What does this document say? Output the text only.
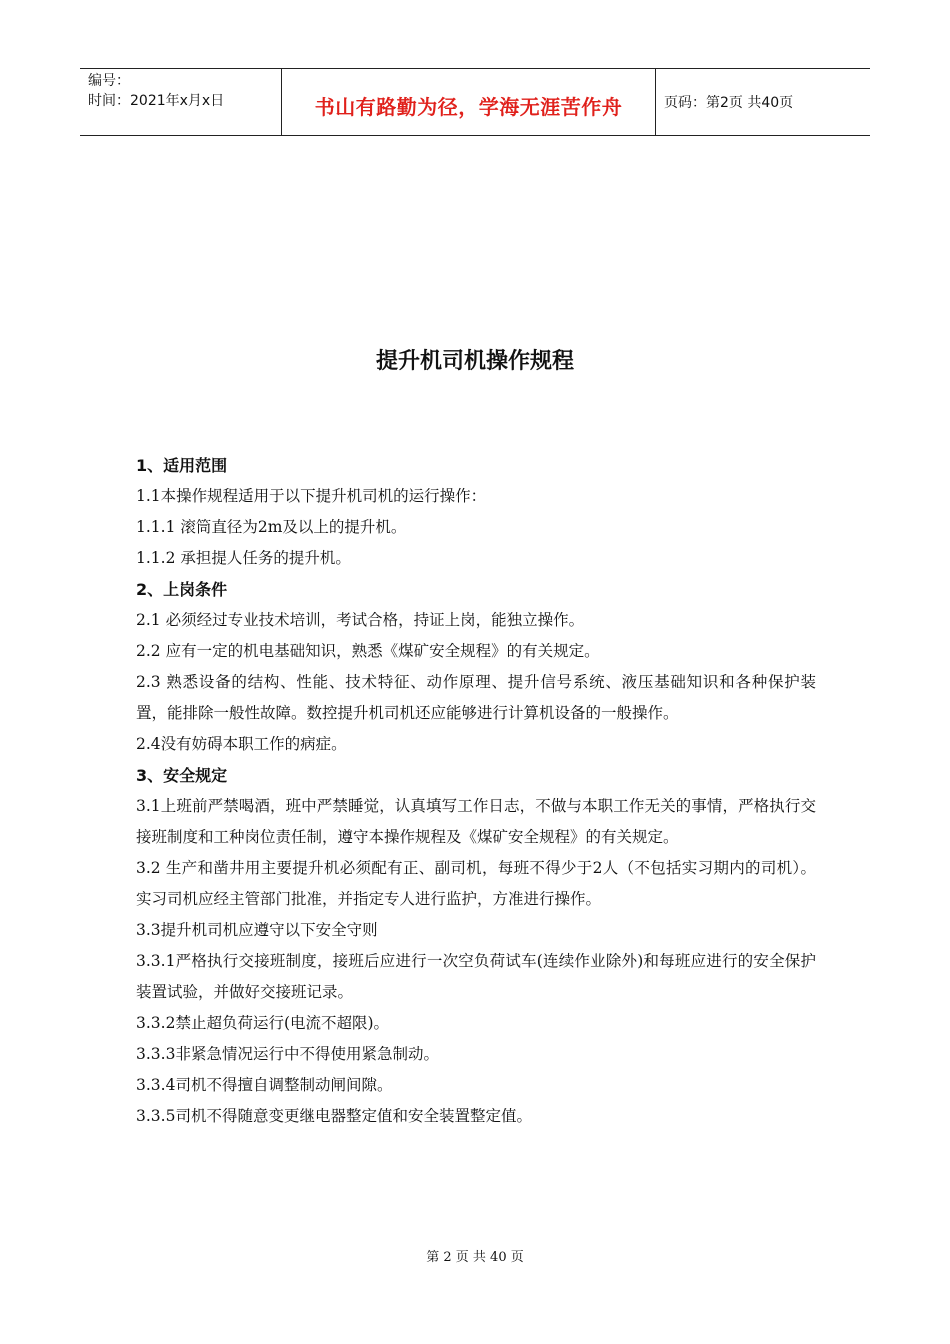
编号：
时间：2021年x月x日	书山有路勤为径，学海无涯苦作舟	页码：第2页 共40页
提升机司机操作规程

1、适用范围

1.1本操作规程适用于以下提升机司机的运行操作：

1.1.1 滚筒直径为2m及以上的提升机。

1.1.2 承担提人任务的提升机。

2、上岗条件

2.1 必须经过专业技术培训，考试合格，持证上岗，能独立操作。

2.2 应有一定的机电基础知识，熟悉《煤矿安全规程》的有关规定。

2.3 熟悉设备的结构、性能、技术特征、动作原理、提升信号系统、液压基础知识和各种保护装置，能排除一般性故障。数控提升机司机还应能够进行计算机设备的一般操作。

2.4没有妨碍本职工作的病症。

3、安全规定

3.1上班前严禁喝酒，班中严禁睡觉，认真填写工作日志，不做与本职工作无关的事情，严格执行交接班制度和工种岗位责任制，遵守本操作规程及《煤矿安全规程》的有关规定。

3.2 生产和凿井用主要提升机必须配有正、副司机，每班不得少于2人（不包括实习期内的司机）。实习司机应经主管部门批准，并指定专人进行监护，方准进行操作。

3.3提升机司机应遵守以下安全守则

3.3.1严格执行交接班制度，接班后应进行一次空负荷试车(连续作业除外)和每班应进行的安全保护装置试验，并做好交接班记录。

3.3.2禁止超负荷运行(电流不超限)。

3.3.3非紧急情况运行中不得使用紧急制动。

3.3.4司机不得擅自调整制动闸间隙。

3.3.5司机不得随意变更继电器整定值和安全装置整定值。

第 2 页 共 40 页
